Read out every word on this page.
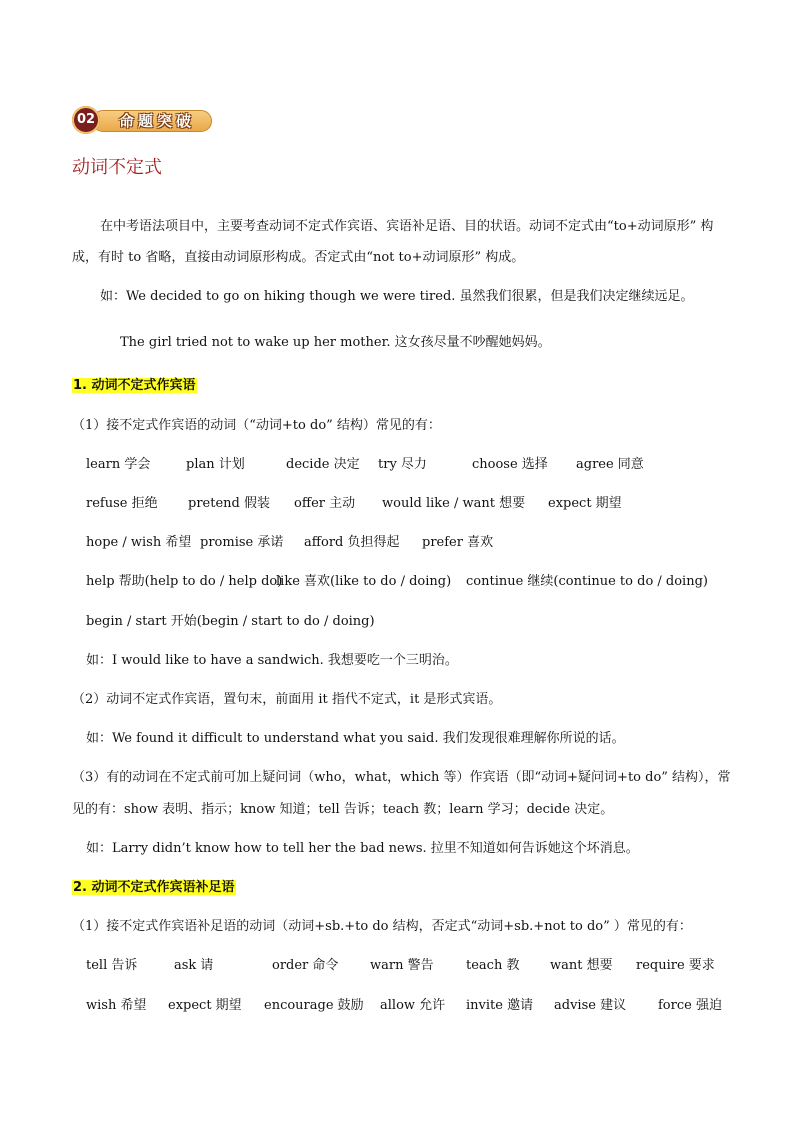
命题突破
02
动词不定式
在中考语法项目中，主要考查动词不定式作宾语、宾语补足语、目的状语。动词不定式由“to+动词原形” 构成，有时 to 省略，直接由动词原形构成。否定式由“not to+动词原形” 构成。
如：We decided to go on hiking though we were tired. 虽然我们很累，但是我们决定继续远足。
The girl tried not to wake up her mother. 这女孩尽量不吵醒她妈妈。
1. 动词不定式作宾语
（1）接不定式作宾语的动词（“动词+to do” 结构）常见的有：
learn 学会	plan 计划	decide 决定 try 尽力	choose 选择 agree 同意
refuse 拒绝 pretend 假装 offer 主动 would like / want 想要 expect 期望
hope / wish 希望 promise 承诺 afford 负担得起 prefer 喜欢
help 帮助(help to do / help do)
like 喜欢(like to do / doing) continue 继续(continue to do / doing)
begin / start 开始(begin / start to do / doing)
如：I would like to have a sandwich. 我想要吃一个三明治。
（2）动词不定式作宾语，置句末，前面用 it 指代不定式，it 是形式宾语。
如：We found it difficult to understand what you said. 我们发现很难理解你所说的话。
（3）有的动词在不定式前可加上疑问词（who，what，which 等）作宾语（即“动词+疑问词+to do” 结构），常见的有：show 表明、指示；know 知道；tell 告诉；teach 教；learn 学习；decide 决定。
如：Larry didn’t know how to tell her the bad news. 拉里不知道如何告诉她这个坏消息。
2. 动词不定式作宾语补足语
（1）接不定式作宾语补足语的动词（动词+sb.+to do 结构，否定式“动词+sb.+not to do” ）常见的有：
tell 告诉	ask 请	order 命令 warn 警告 teach 教 want 想要 require 要求
wish 希望 expect 期望 encourage 鼓励 allow 允许 invite 邀请 advise 建议 force 强迫
